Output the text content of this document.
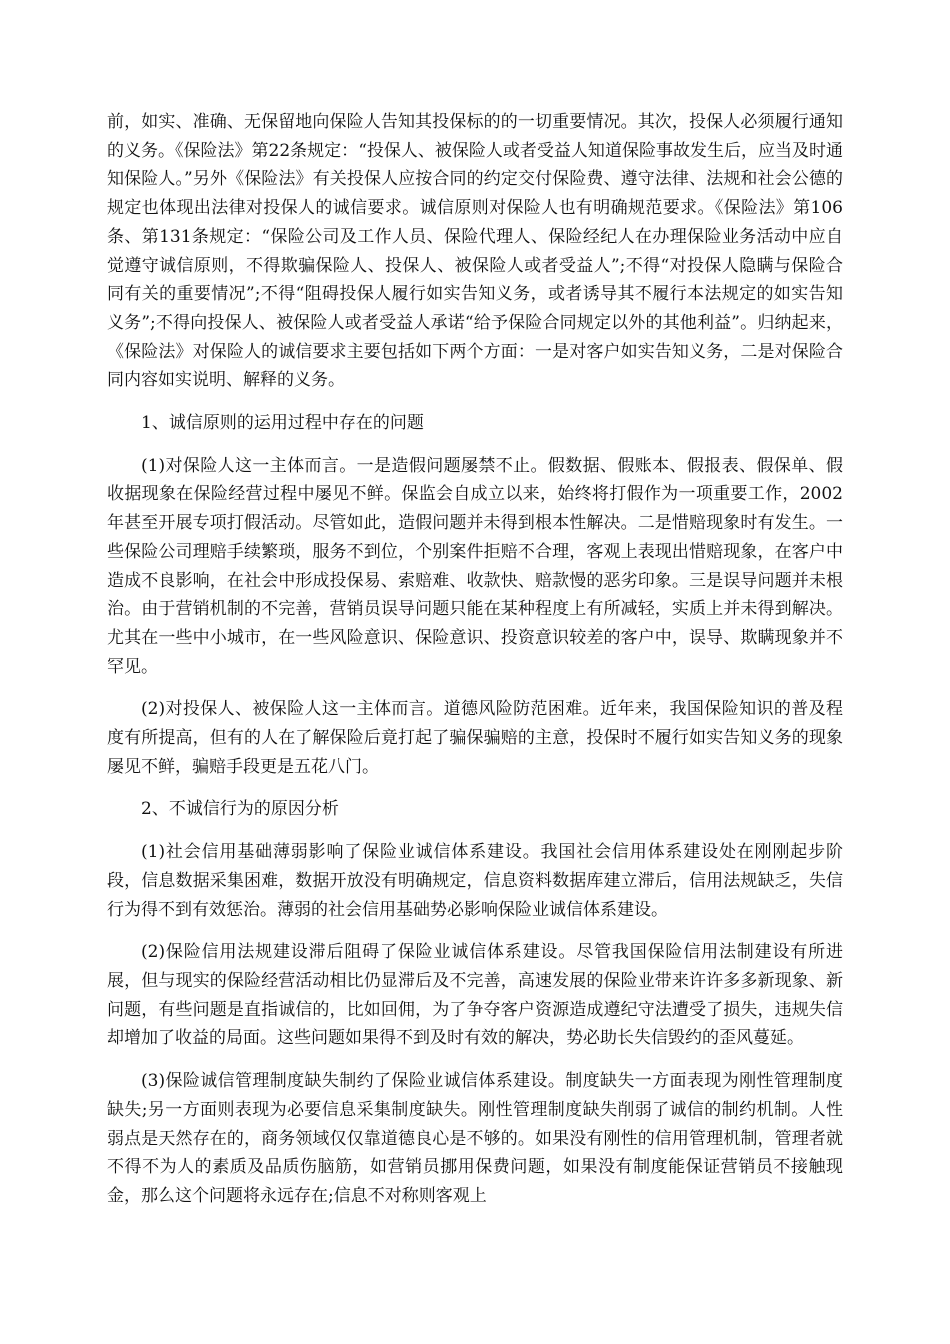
前，如实、准确、无保留地向保险人告知其投保标的的一切重要情况。其次，投保人必须履行通知的义务。《保险法》第22条规定：“投保人、被保险人或者受益人知道保险事故发生后，应当及时通知保险人。”另外《保险法》有关投保人应按合同的约定交付保险费、遵守法律、法规和社会公德的规定也体现出法律对投保人的诚信要求。诚信原则对保险人也有明确规范要求。《保险法》第106条、第131条规定：“保险公司及工作人员、保险代理人、保险经纪人在办理保险业务活动中应自觉遵守诚信原则，不得欺骗保险人、投保人、被保险人或者受益人”;不得“对投保人隐瞒与保险合同有关的重要情况”;不得“阻碍投保人履行如实告知义务，或者诱导其不履行本法规定的如实告知义务”;不得向投保人、被保险人或者受益人承诺“给予保险合同规定以外的其他利益”。归纳起来，《保险法》对保险人的诚信要求主要包括如下两个方面：一是对客户如实告知义务，二是对保险合同内容如实说明、解释的义务。

1、诚信原则的运用过程中存在的问题

(1)对保险人这一主体而言。一是造假问题屡禁不止。假数据、假账本、假报表、假保单、假收据现象在保险经营过程中屡见不鲜。保监会自成立以来，始终将打假作为一项重要工作，2002年甚至开展专项打假活动。尽管如此，造假问题并未得到根本性解决。二是惜赔现象时有发生。一些保险公司理赔手续繁琐，服务不到位，个别案件拒赔不合理，客观上表现出惜赔现象，在客户中造成不良影响，在社会中形成投保易、索赔难、收款快、赔款慢的恶劣印象。三是误导问题并未根治。由于营销机制的不完善，营销员误导问题只能在某种程度上有所减轻，实质上并未得到解决。尤其在一些中小城市，在一些风险意识、保险意识、投资意识较差的客户中，误导、欺瞒现象并不罕见。

(2)对投保人、被保险人这一主体而言。道德风险防范困难。近年来，我国保险知识的普及程度有所提高，但有的人在了解保险后竟打起了骗保骗赔的主意，投保时不履行如实告知义务的现象屡见不鲜，骗赔手段更是五花八门。

2、不诚信行为的原因分析

(1)社会信用基础薄弱影响了保险业诚信体系建设。我国社会信用体系建设处在刚刚起步阶段，信息数据采集困难，数据开放没有明确规定，信息资料数据库建立滞后，信用法规缺乏，失信行为得不到有效惩治。薄弱的社会信用基础势必影响保险业诚信体系建设。

(2)保险信用法规建设滞后阻碍了保险业诚信体系建设。尽管我国保险信用法制建设有所进展，但与现实的保险经营活动相比仍显滞后及不完善，高速发展的保险业带来许许多多新现象、新问题，有些问题是直指诚信的，比如回佣，为了争夺客户资源造成遵纪守法遭受了损失，违规失信却增加了收益的局面。这些问题如果得不到及时有效的解决，势必助长失信毁约的歪风蔓延。

(3)保险诚信管理制度缺失制约了保险业诚信体系建设。制度缺失一方面表现为刚性管理制度缺失;另一方面则表现为必要信息采集制度缺失。刚性管理制度缺失削弱了诚信的制约机制。人性弱点是天然存在的，商务领域仅仅靠道德良心是不够的。如果没有刚性的信用管理机制，管理者就不得不为人的素质及品质伤脑筋，如营销员挪用保费问题，如果没有制度能保证营销员不接触现金，那么这个问题将永远存在;信息不对称则客观上
